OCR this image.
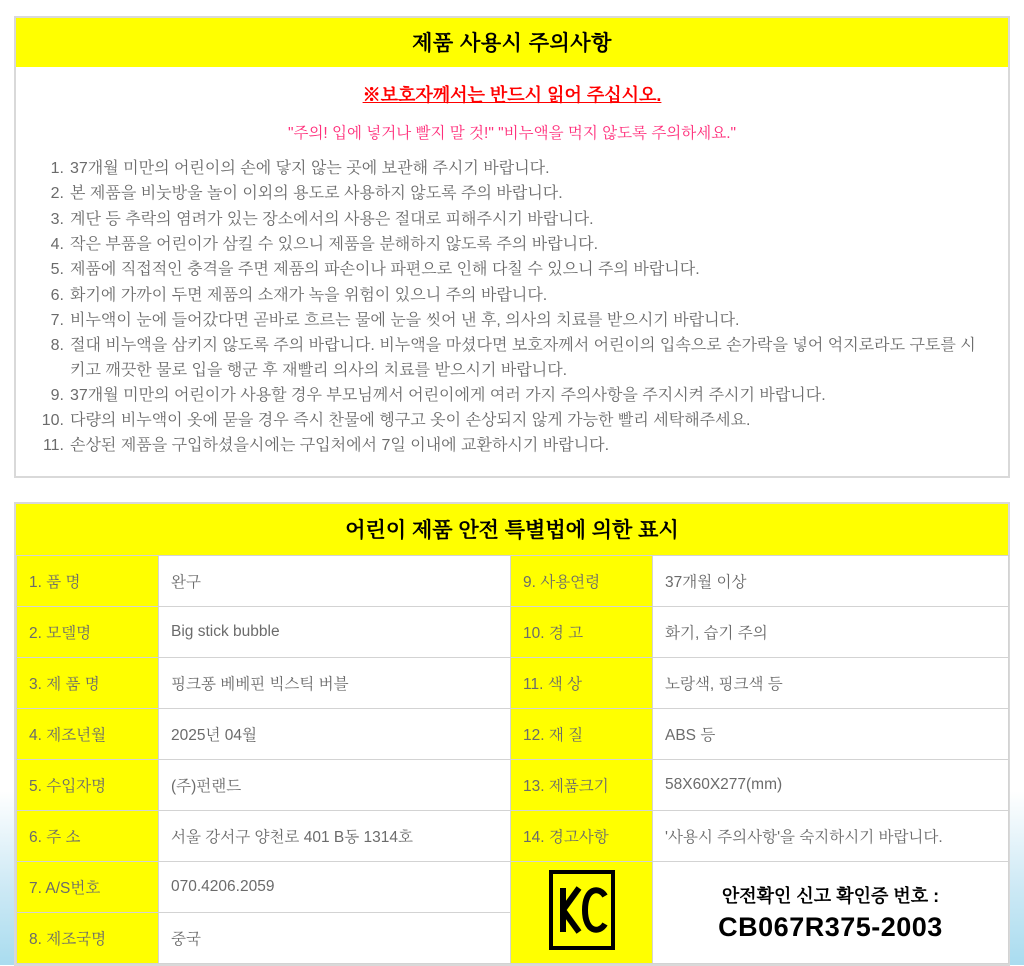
제품 사용시 주의사항
※보호자께서는 반드시 읽어 주십시오.
"주의! 입에 넣거나 빨지 말 것!" "비누액을 먹지 않도록 주의하세요."
1. 37개월 미만의 어린이의 손에 닿지 않는 곳에 보관해 주시기 바랍니다.
2. 본 제품을 비눗방울 놀이 이외의 용도로 사용하지 않도록 주의 바랍니다.
3. 계단 등 추락의 염려가 있는 장소에서의 사용은 절대로 피해주시기 바랍니다.
4. 작은 부품을 어린이가 삼킬 수 있으니 제품을 분해하지 않도록 주의 바랍니다.
5. 제품에 직접적인 충격을 주면 제품의 파손이나 파편으로 인해 다칠 수 있으니 주의 바랍니다.
6. 화기에 가까이 두면 제품의 소재가 녹을 위험이 있으니 주의 바랍니다.
7. 비누액이 눈에 들어갔다면 곧바로 흐르는 물에 눈을 씻어 낸 후, 의사의 치료를 받으시기 바랍니다.
8. 절대 비누액을 삼키지 않도록 주의 바랍니다. 비누액을 마셨다면 보호자께서 어린이의 입속으로 손가락을 넣어 억지로라도 구토를 시키고 깨끗한 물로 입을 행군 후 재빨리 의사의 치료를 받으시기 바랍니다.
9. 37개월 미만의 어린이가 사용할 경우 부모님께서 어린이에게 여러 가지 주의사항을 주지시켜 주시기 바랍니다.
10. 다량의 비누액이 옷에 묻을 경우 즉시 찬물에 헹구고 옷이 손상되지 않게 가능한 빨리 세탁해주세요.
11. 손상된 제품을 구입하셨을시에는 구입처에서 7일 이내에 교환하시기 바랍니다.
어린이 제품 안전 특별법에 의한 표시
1. 품 명	완구	9. 사용연령	37개월 이상
2. 모델명	Big stick bubble	10. 경 고	화기, 습기 주의
3. 제 품 명	핑크퐁 베베핀 빅스틱 버블	11. 색 상	노랑색, 핑크색 등
4. 제조년월	2025년 04월	12. 재 질	ABS 등
5. 수입자명	(주)펀랜드	13. 제품크기	58X60X277(mm)
6. 주 소	서울 강서구 양천로 401 B동 1314호	14. 경고사항	'사용시 주의사항'을 숙지하시기 바랍니다.
7. A/S번호	070.4206.2059		안전확인 신고 확인증 번호 :
CB067R375-2003

8. 제조국명	중국		
